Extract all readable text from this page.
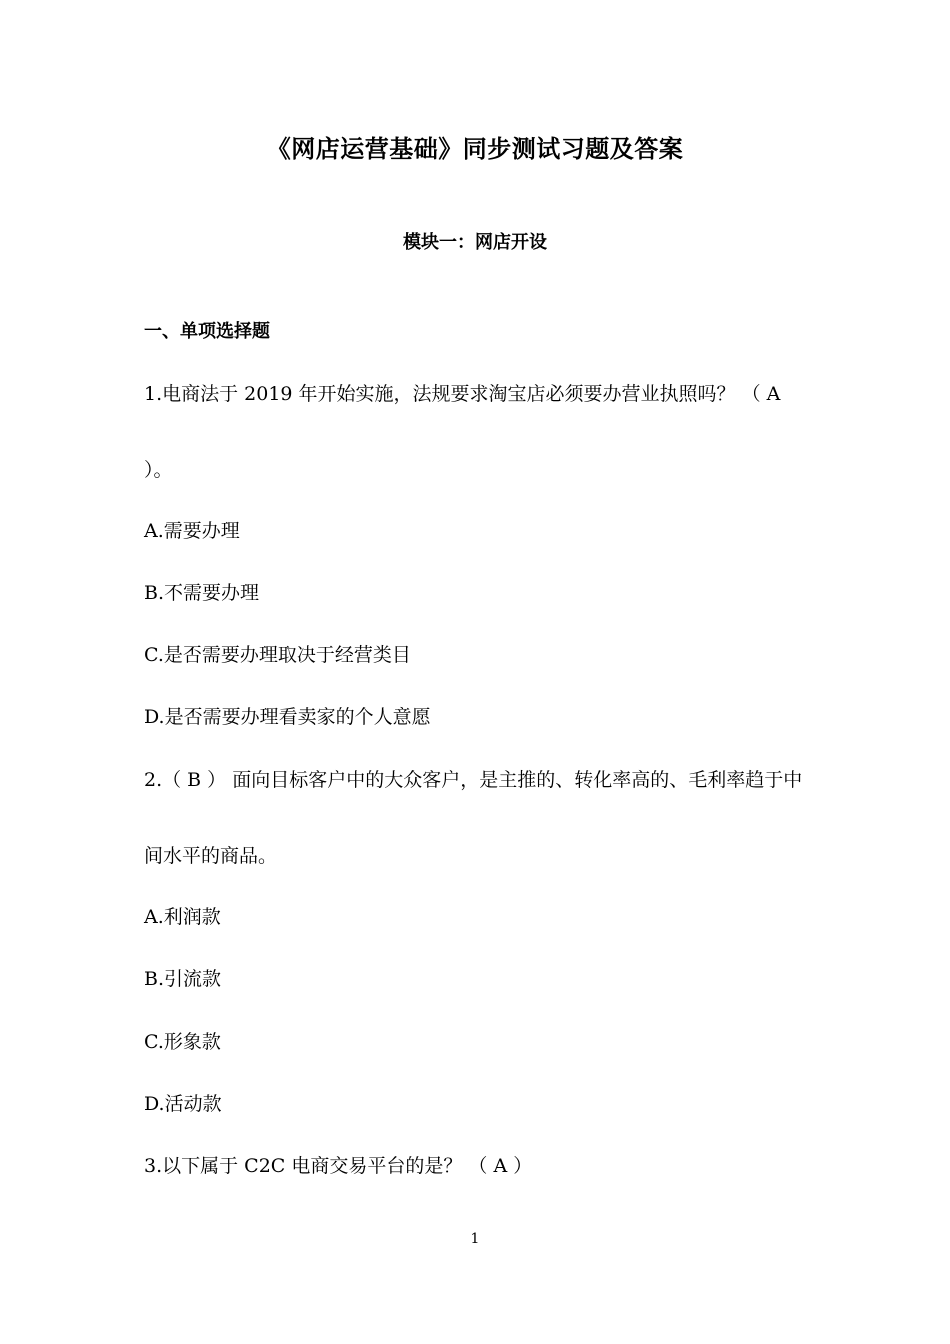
《网店运营基础》同步测试习题及答案
模块一：网店开设
一、单项选择题
1.电商法于 2019 年开始实施，法规要求淘宝店必须要办营业执照吗？ （ A
）。
A.需要办理
B.不需要办理
C.是否需要办理取决于经营类目
D.是否需要办理看卖家的个人意愿
2.（ B ） 面向目标客户中的大众客户，是主推的、转化率高的、毛利率趋于中
间水平的商品。
A.利润款
B.引流款
C.形象款
D.活动款
3.以下属于 C2C 电商交易平台的是？ （ A ）
1
